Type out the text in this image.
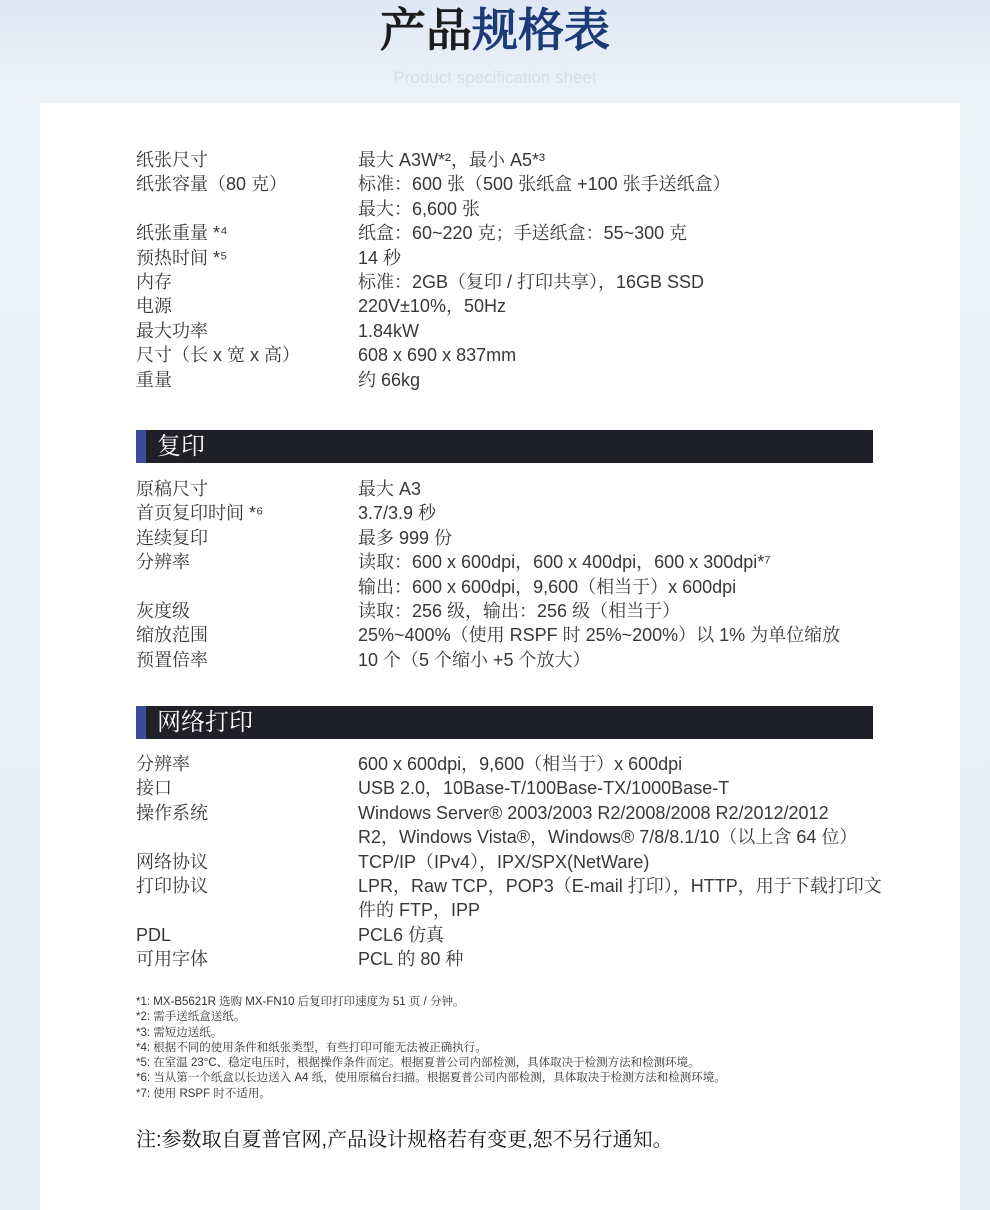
产品规格表
Product specification sheet
纸张尺寸	最大 A3W*²，最小 A5*³
纸张容量（80 克）	标准：600 张（500 张纸盒 +100 张手送纸盒）
最大：6,600 张
纸张重量 *⁴	纸盒：60~220 克；手送纸盒：55~300 克
预热时间 *⁵	14 秒
内存	标准：2GB（复印 / 打印共享），16GB SSD
电源	220V±10%，50Hz
最大功率	1.84kW
尺寸（长 x 宽 x 高）	608 x 690 x 837mm
重量	约 66kg
复印
原稿尺寸	最大 A3
首页复印时间 *⁶	3.7/3.9 秒
连续复印	最多 999 份
分辨率	读取：600 x 600dpi，600 x 400dpi，600 x 300dpi*⁷
输出：600 x 600dpi，9,600（相当于）x 600dpi
灰度级	读取：256 级，输出：256 级（相当于）
缩放范围	25%~400%（使用 RSPF 时 25%~200%）以 1% 为单位缩放
预置倍率	10 个（5 个缩小 +5 个放大）
网络打印
分辨率	600 x 600dpi，9,600（相当于）x 600dpi
接口	USB 2.0，10Base-T/100Base-TX/1000Base-T
操作系统	Windows Server® 2003/2003 R2/2008/2008 R2/2012/2012
R2，Windows Vista®，Windows® 7/8/8.1/10（以上含 64 位）
网络协议	TCP/IP（IPv4），IPX/SPX(NetWare)
打印协议	LPR，Raw TCP，POP3（E-mail 打印），HTTP，用于下载打印文
件的 FTP，IPP
PDL	PCL6 仿真
可用字体	PCL 的 80 种
*1: MX-B5621R 选购 MX-FN10 后复印打印速度为 51 页 / 分钟。
*2: 需手送纸盒送纸。
*3: 需短边送纸。
*4: 根据不同的使用条件和纸张类型，有些打印可能无法被正确执行。
*5: 在室温 23°C、稳定电压时，根据操作条件而定。根据夏普公司内部检测，具体取决于检测方法和检测环境。
*6: 当从第一个纸盒以长边送入 A4 纸，使用原稿台扫描。根据夏普公司内部检测，具体取决于检测方法和检测环境。
*7: 使用 RSPF 时不适用。
注:参数取自夏普官网,产品设计规格若有变更,恕不另行通知。
